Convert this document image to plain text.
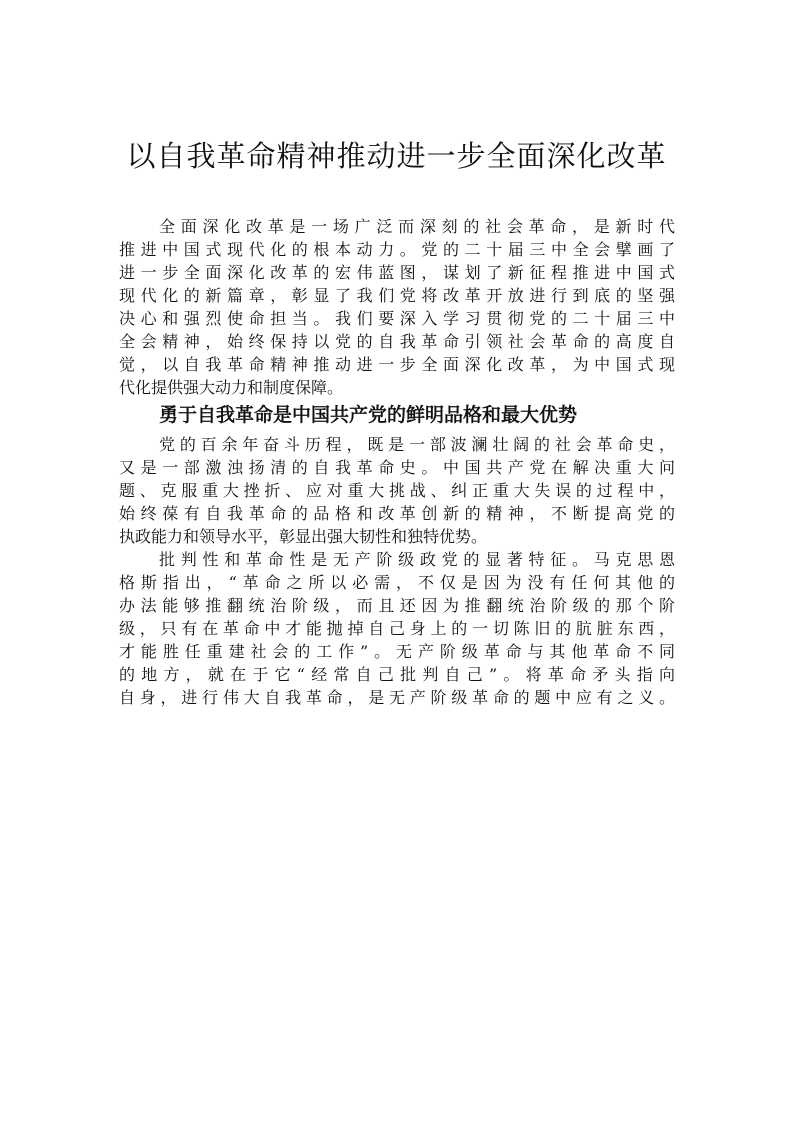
以自我革命精神推动进一步全面深化改革
全面深化改革是一场广泛而深刻的社会革命，是新时代
推进中国式现代化的根本动力。党的二十届三中全会擘画了
进一步全面深化改革的宏伟蓝图，谋划了新征程推进中国式
现代化的新篇章，彰显了我们党将改革开放进行到底的坚强
决心和强烈使命担当。我们要深入学习贯彻党的二十届三中
全会精神，始终保持以党的自我革命引领社会革命的高度自
觉，以自我革命精神推动进一步全面深化改革，为中国式现
代化提供强大动力和制度保障。
勇于自我革命是中国共产党的鲜明品格和最大优势
党的百余年奋斗历程，既是一部波澜壮阔的社会革命史，
又是一部激浊扬清的自我革命史。中国共产党在解决重大问
题、克服重大挫折、应对重大挑战、纠正重大失误的过程中，
始终葆有自我革命的品格和改革创新的精神，不断提高党的
执政能力和领导水平，彰显出强大韧性和独特优势。
批判性和革命性是无产阶级政党的显著特征。马克思恩
格斯指出，“革命之所以必需，不仅是因为没有任何其他的
办法能够推翻统治阶级，而且还因为推翻统治阶级的那个阶
级，只有在革命中才能抛掉自己身上的一切陈旧的肮脏东西，
才能胜任重建社会的工作”。无产阶级革命与其他革命不同
的地方，就在于它“经常自己批判自己”。将革命矛头指向
自身，进行伟大自我革命，是无产阶级革命的题中应有之义。
